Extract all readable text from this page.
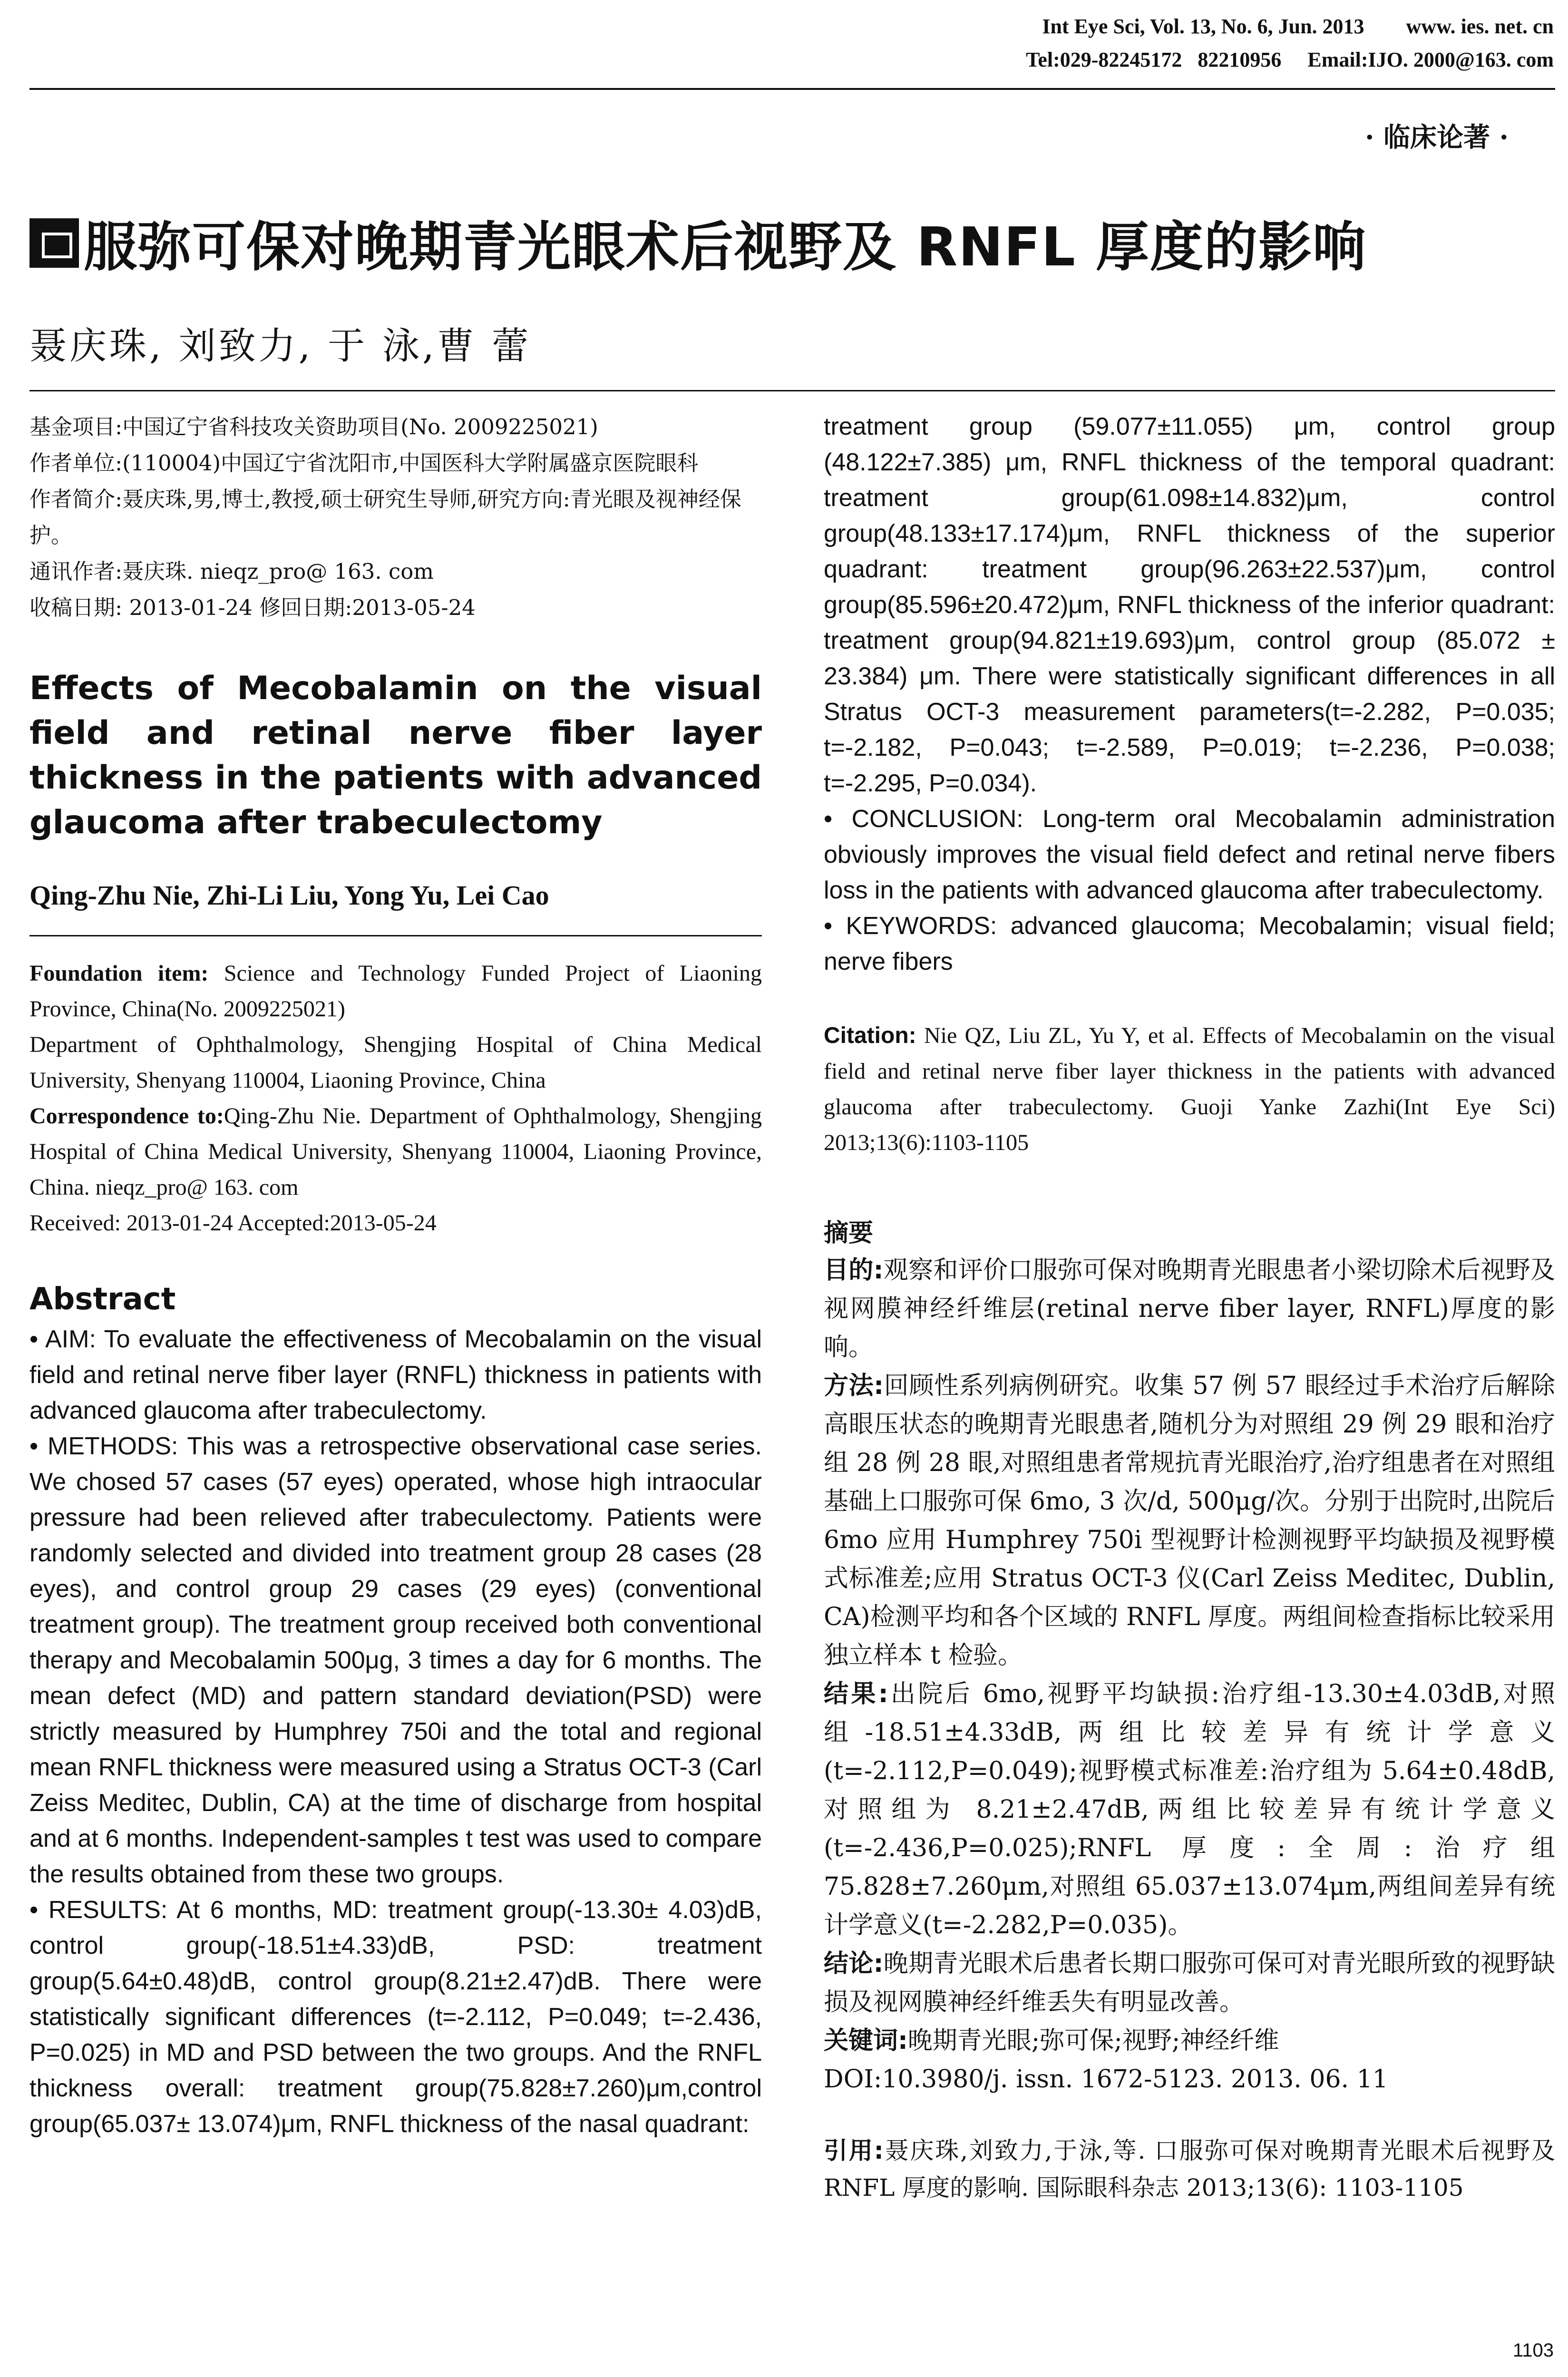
Int Eye Sci, Vol. 13, No. 6, Jun. 2013        www. ies. net. cn
Tel:029-82245172   82210956     Email:IJO. 2000@163. com
· 临床论著 ·
服弥可保对晚期青光眼术后视野及 RNFL 厚度的影响
聂庆珠, 刘致力, 于 泳,曹 蕾
基金项目:中国辽宁省科技攻关资助项目(No. 2009225021)
作者单位:(110004)中国辽宁省沈阳市,中国医科大学附属盛京医院眼科
作者简介:聂庆珠,男,博士,教授,硕士研究生导师,研究方向:青光眼及视神经保护。
通讯作者:聂庆珠. nieqz_pro@ 163. com
收稿日期: 2013-01-24 修回日期:2013-05-24
Effects of Mecobalamin on the visual field and retinal nerve fiber layer thickness in the patients with advanced glaucoma after trabeculectomy
Qing-Zhu Nie, Zhi-Li Liu, Yong Yu, Lei Cao
Foundation item: Science and Technology Funded Project of Liaoning Province, China(No. 2009225021)
Department of Ophthalmology, Shengjing Hospital of China Medical University, Shenyang 110004, Liaoning Province, China
Correspondence to:Qing-Zhu Nie. Department of Ophthalmology, Shengjing Hospital of China Medical University, Shenyang 110004, Liaoning Province, China. nieqz_pro@ 163. com
Received: 2013-01-24 Accepted:2013-05-24
Abstract

• AIM: To evaluate the effectiveness of Mecobalamin on the visual field and retinal nerve fiber layer (RNFL) thickness in patients with advanced glaucoma after trabeculectomy.

• METHODS: This was a retrospective observational case series. We chosed 57 cases (57 eyes) operated, whose high intraocular pressure had been relieved after trabeculectomy. Patients were randomly selected and divided into treatment group 28 cases (28 eyes), and control group 29 cases (29 eyes) (conventional treatment group). The treatment group received both conventional therapy and Mecobalamin 500μg, 3 times a day for 6 months. The mean defect (MD) and pattern standard deviation(PSD) were strictly measured by Humphrey 750i and the total and regional mean RNFL thickness were measured using a Stratus OCT-3 (Carl Zeiss Meditec, Dublin, CA) at the time of discharge from hospital and at 6 months. Independent-samples t test was used to compare the results obtained from these two groups.

• RESULTS: At 6 months, MD: treatment group(-13.30± 4.03)dB, control group(-18.51±4.33)dB, PSD: treatment group(5.64±0.48)dB, control group(8.21±2.47)dB. There were statistically significant differences (t=-2.112, P=0.049; t=-2.436, P=0.025) in MD and PSD between the two groups. And the RNFL thickness overall: treatment group(75.828±7.260)μm,control group(65.037± 13.074)μm, RNFL thickness of the nasal quadrant:

treatment group (59.077±11.055) μm, control group (48.122±7.385) μm, RNFL thickness of the temporal quadrant: treatment group(61.098±14.832)μm, control group(48.133±17.174)μm, RNFL thickness of the superior quadrant: treatment group(96.263±22.537)μm, control group(85.596±20.472)μm, RNFL thickness of the inferior quadrant: treatment group(94.821±19.693)μm, control group (85.072 ± 23.384) μm. There were statistically significant differences in all Stratus OCT-3 measurement parameters(t=-2.282, P=0.035; t=-2.182, P=0.043; t=-2.589, P=0.019; t=-2.236, P=0.038; t=-2.295, P=0.034).

• CONCLUSION: Long-term oral Mecobalamin administration obviously improves the visual field defect and retinal nerve fibers loss in the patients with advanced glaucoma after trabeculectomy.

• KEYWORDS: advanced glaucoma; Mecobalamin; visual field; nerve fibers

Citation: Nie QZ, Liu ZL, Yu Y, et al. Effects of Mecobalamin on the visual field and retinal nerve fiber layer thickness in the patients with advanced glaucoma after trabeculectomy. Guoji Yanke Zazhi(Int Eye Sci) 2013;13(6):1103-1105
摘要

目的:观察和评价口服弥可保对晚期青光眼患者小梁切除术后视野及视网膜神经纤维层(retinal nerve fiber layer, RNFL)厚度的影响。

方法:回顾性系列病例研究。收集 57 例 57 眼经过手术治疗后解除高眼压状态的晚期青光眼患者,随机分为对照组 29 例 29 眼和治疗组 28 例 28 眼,对照组患者常规抗青光眼治疗,治疗组患者在对照组基础上口服弥可保 6mo, 3 次/d, 500μg/次。分别于出院时,出院后 6mo 应用 Humphrey 750i 型视野计检测视野平均缺损及视野模式标准差;应用 Stratus OCT-3 仪(Carl Zeiss Meditec, Dublin, CA)检测平均和各个区域的 RNFL 厚度。两组间检查指标比较采用独立样本 t 检验。

结果:出院后 6mo,视野平均缺损:治疗组-13.30±4.03dB,对照组-18.51±4.33dB,两组比较差异有统计学意义(t=-2.112,P=0.049);视野模式标准差:治疗组为 5.64±0.48dB,对照组为 8.21±2.47dB,两组比较差异有统计学意义(t=-2.436,P=0.025);RNFL 厚度:全周:治疗组 75.828±7.260μm,对照组 65.037±13.074μm,两组间差异有统计学意义(t=-2.282,P=0.035)。

结论:晚期青光眼术后患者长期口服弥可保可对青光眼所致的视野缺损及视网膜神经纤维丢失有明显改善。

关键词:晚期青光眼;弥可保;视野;神经纤维

DOI:10.3980/j. issn. 1672-5123. 2013. 06. 11

引用:聂庆珠,刘致力,于泳,等. 口服弥可保对晚期青光眼术后视野及 RNFL 厚度的影响. 国际眼科杂志 2013;13(6): 1103-1105
1103
